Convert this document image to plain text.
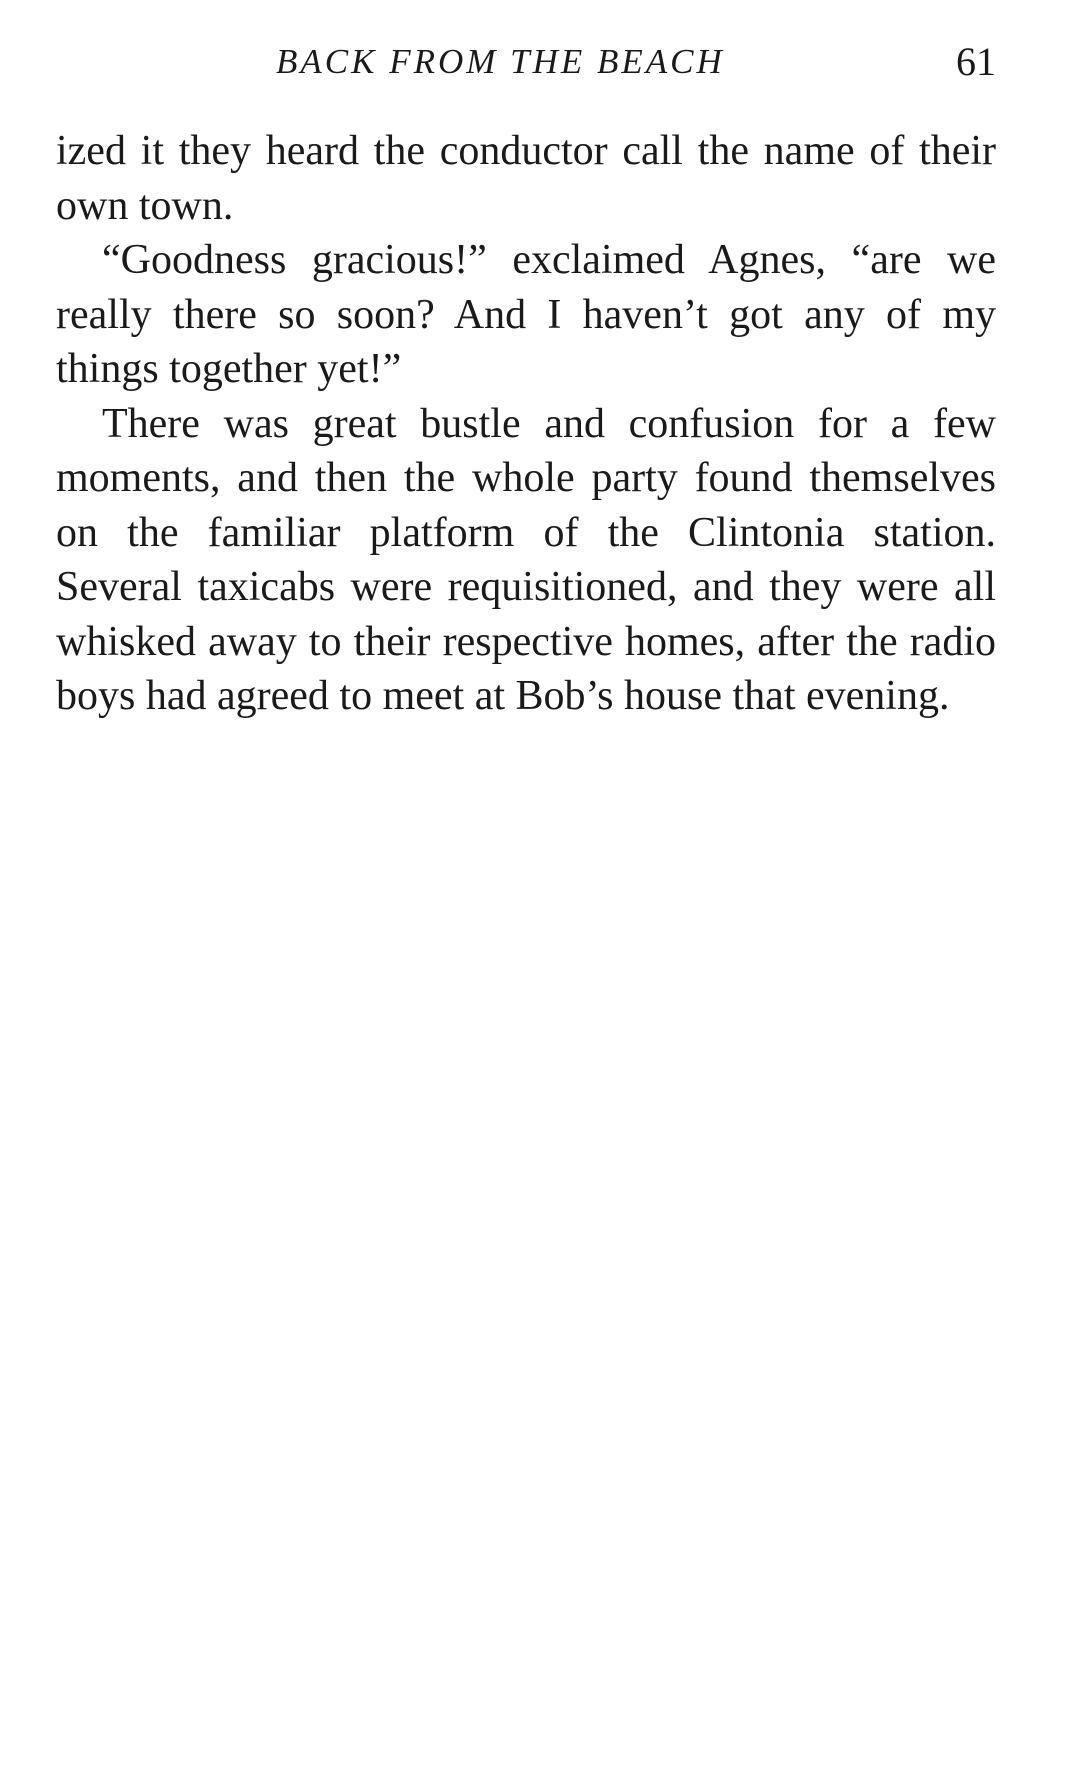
BACK FROM THE BEACH	61

ized it they heard the conductor call the name of their own town.

“Goodness gracious!” exclaimed Agnes, “are we really there so soon? And I haven’t got any of my things together yet!”

There was great bustle and confusion for a few moments, and then the whole party found themselves on the familiar platform of the Clintonia station. Several taxicabs were requisitioned, and they were all whisked away to their respective homes, after the radio boys had agreed to meet at Bob’s house that evening.
